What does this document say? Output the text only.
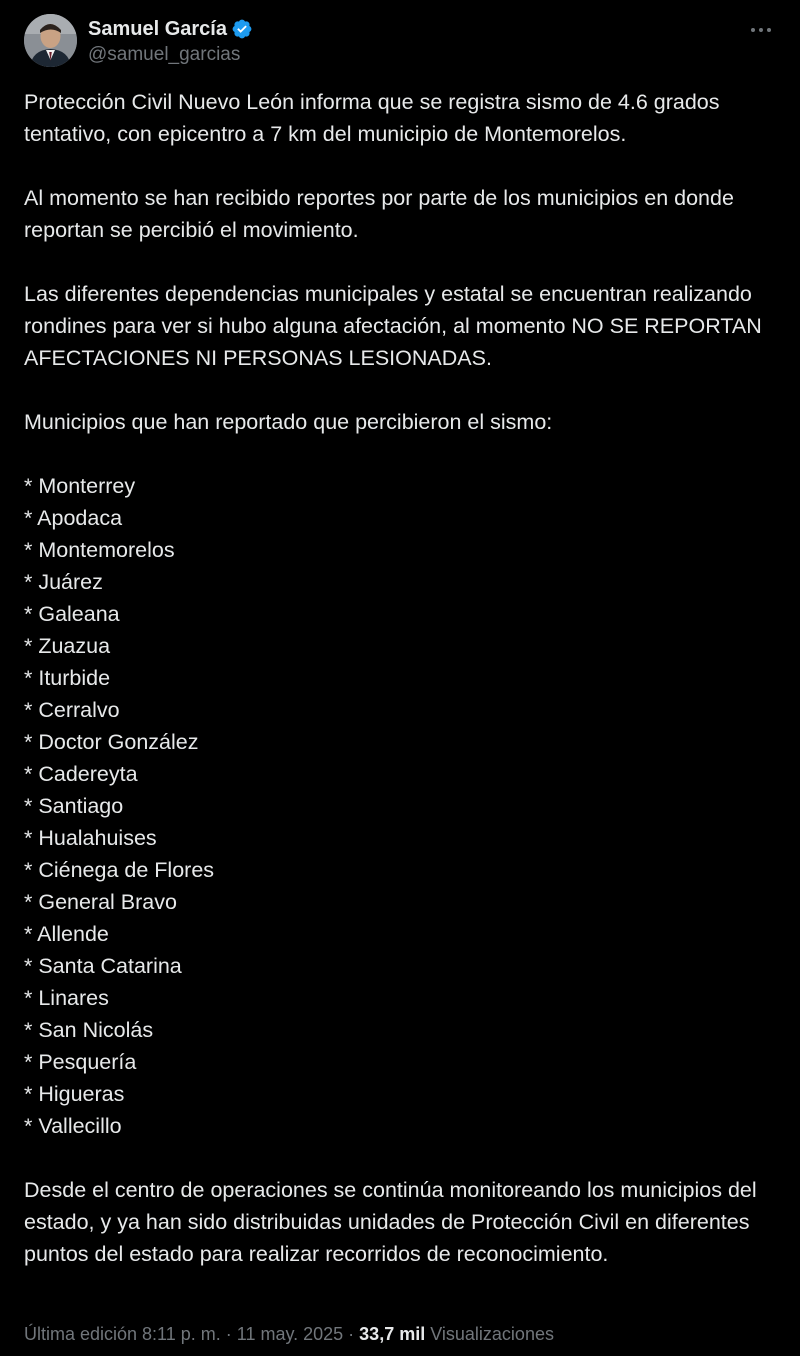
Samuel García
@samuel_garcias
Protección Civil Nuevo León informa que se registra sismo de 4.6 grados tentativo, con epicentro a 7 km del municipio de Montemorelos.
Al momento se han recibido reportes por parte de los municipios en donde reportan se percibió el movimiento.
Las diferentes dependencias municipales y estatal se encuentran realizando rondines para ver si hubo alguna afectación, al momento NO SE REPORTAN AFECTACIONES NI PERSONAS LESIONADAS.
Municipios que han reportado que percibieron el sismo:
* Monterrey
* Apodaca
* Montemorelos
* Juárez
* Galeana
* Zuazua
* Iturbide
* Cerralvo
* Doctor González
* Cadereyta
* Santiago
* Hualahuises
* Ciénega de Flores
* General Bravo
* Allende
* Santa Catarina
* Linares
* San Nicolás
* Pesquería
* Higueras
* Vallecillo
Desde el centro de operaciones se continúa monitoreando los municipios del estado, y ya han sido distribuidas unidades de Protección Civil en diferentes puntos del estado para realizar recorridos de reconocimiento.
Última edición 8:11 p. m. · 11 may. 2025 · 33,7 mil Visualizaciones
